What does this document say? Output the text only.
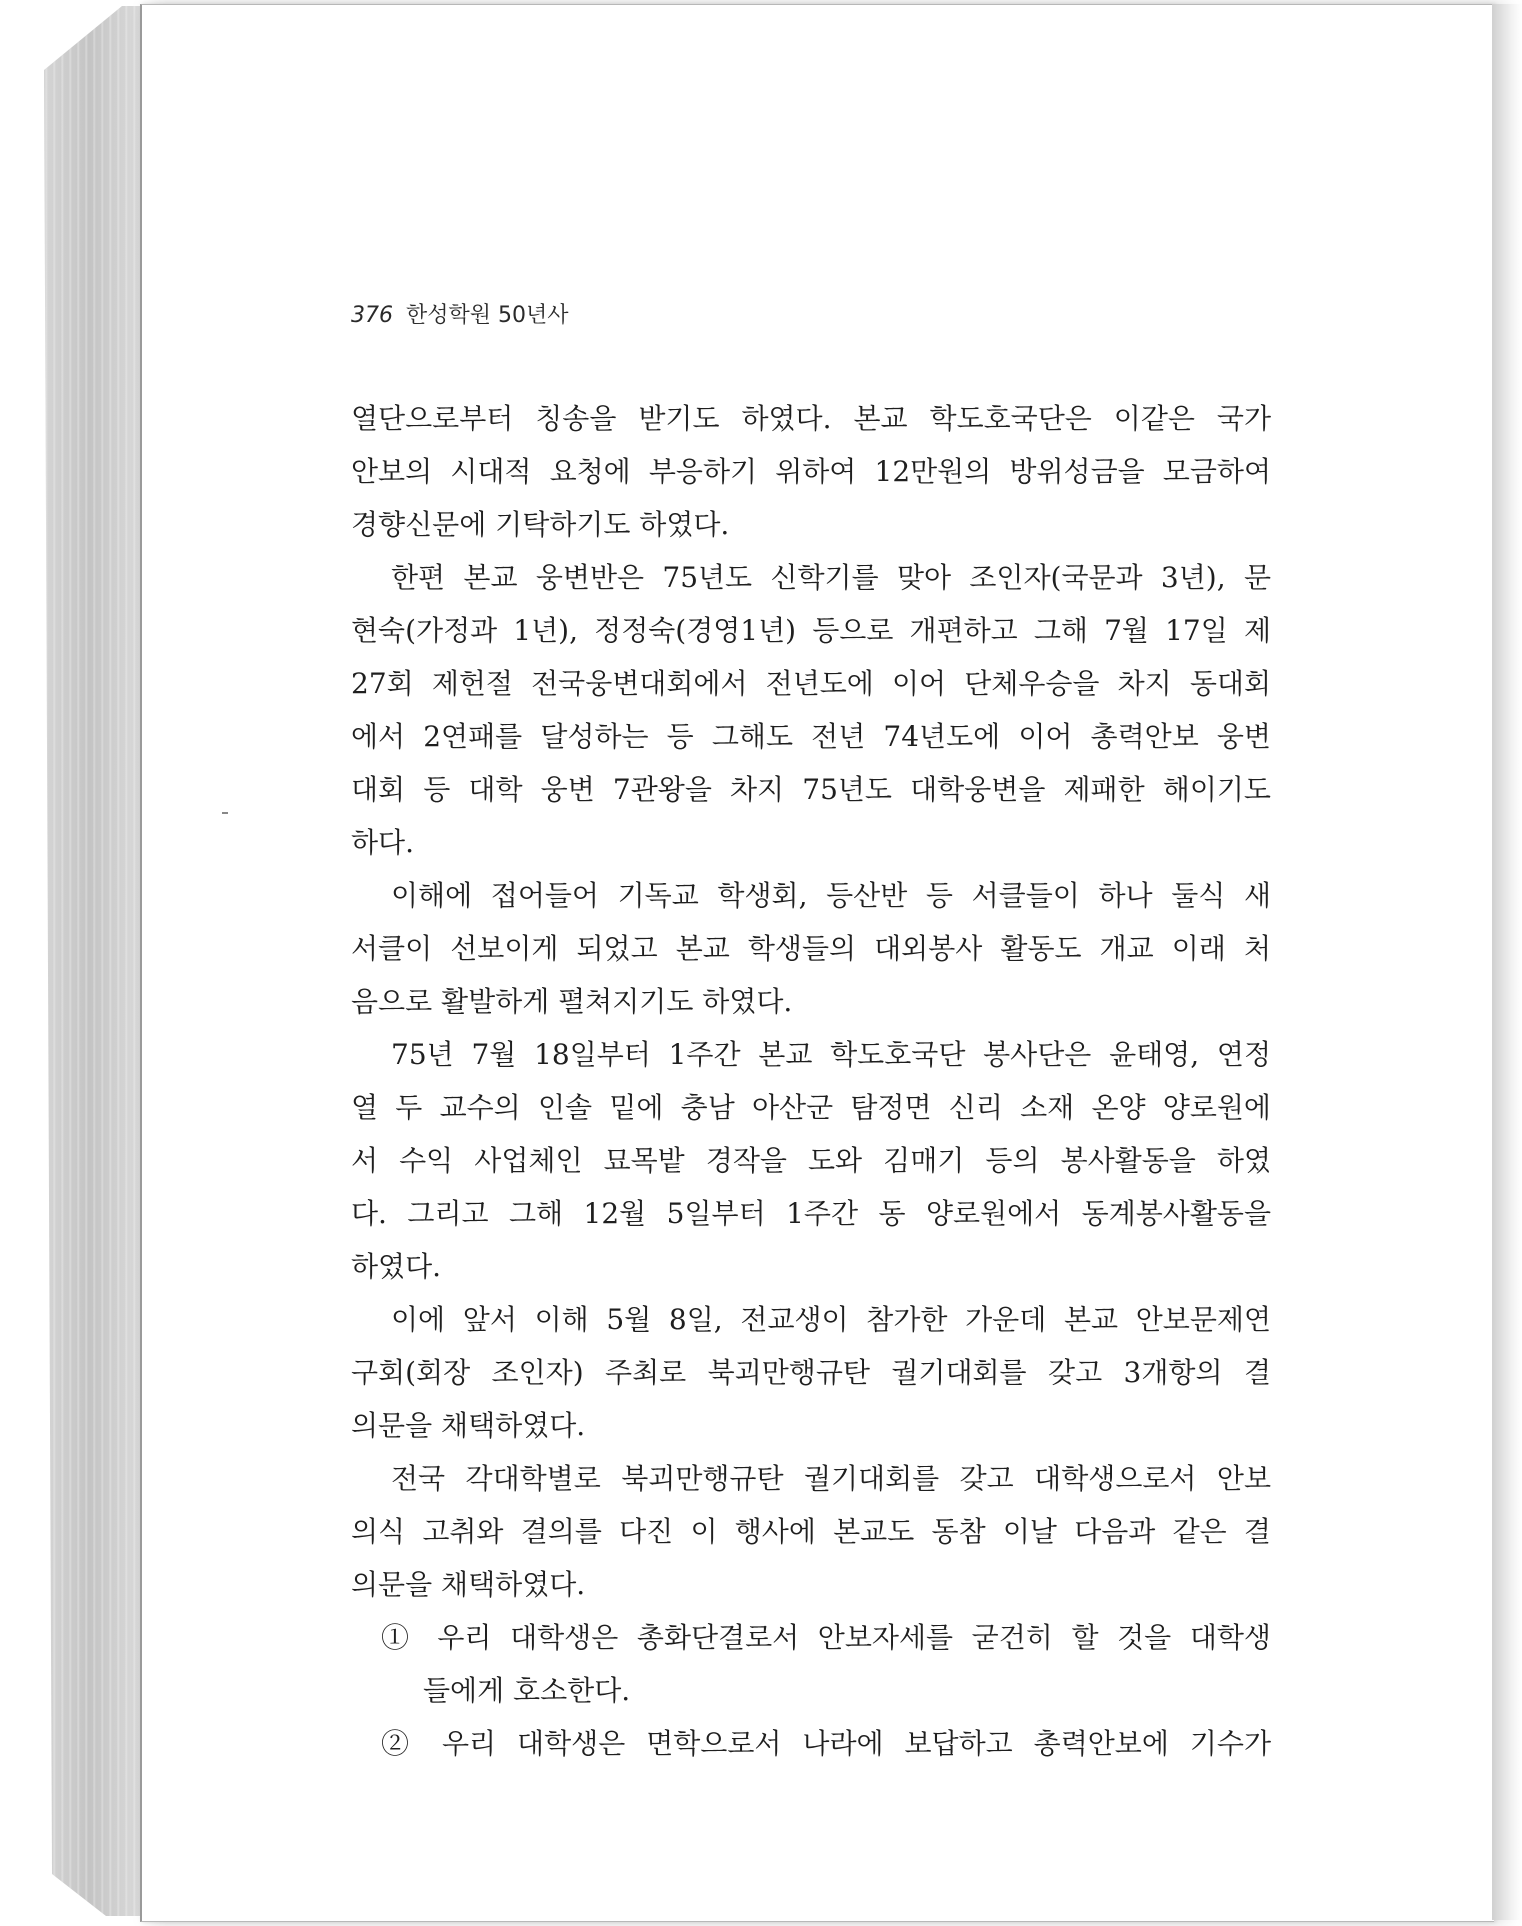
376 한성학원 50년사
열단으로부터 칭송을 받기도 하였다. 본교 학도호국단은 이같은 국가
안보의 시대적 요청에 부응하기 위하여 12만원의 방위성금을 모금하여
경향신문에 기탁하기도 하였다.
한편 본교 웅변반은 75년도 신학기를 맞아 조인자(국문과 3년), 문
현숙(가정과 1년), 정정숙(경영1년) 등으로 개편하고 그해 7월 17일 제
27회 제헌절 전국웅변대회에서 전년도에 이어 단체우승을 차지 동대회
에서 2연패를 달성하는 등 그해도 전년 74년도에 이어 총력안보 웅변
대회 등 대학 웅변 7관왕을 차지 75년도 대학웅변을 제패한 해이기도
하다.
이해에 접어들어 기독교 학생회, 등산반 등 서클들이 하나 둘식 새
서클이 선보이게 되었고 본교 학생들의 대외봉사 활동도 개교 이래 처
음으로 활발하게 펼쳐지기도 하였다.
75년 7월 18일부터 1주간 본교 학도호국단 봉사단은 윤태영, 연정
열 두 교수의 인솔 밑에 충남 아산군 탐정면 신리 소재 온양 양로원에
서 수익 사업체인 묘목밭 경작을 도와 김매기 등의 봉사활동을 하였
다. 그리고 그해 12월 5일부터 1주간 동 양로원에서 동계봉사활동을
하였다.
이에 앞서 이해 5월 8일, 전교생이 참가한 가운데 본교 안보문제연
구회(회장 조인자) 주최로 북괴만행규탄 궐기대회를 갖고 3개항의 결
의문을 채택하였다.
전국 각대학별로 북괴만행규탄 궐기대회를 갖고 대학생으로서 안보
의식 고취와 결의를 다진 이 행사에 본교도 동참 이날 다음과 같은 결
의문을 채택하였다.
① 우리 대학생은 총화단결로서 안보자세를 굳건히 할 것을 대학생
들에게 호소한다.
② 우리 대학생은 면학으로서 나라에 보답하고 총력안보에 기수가
